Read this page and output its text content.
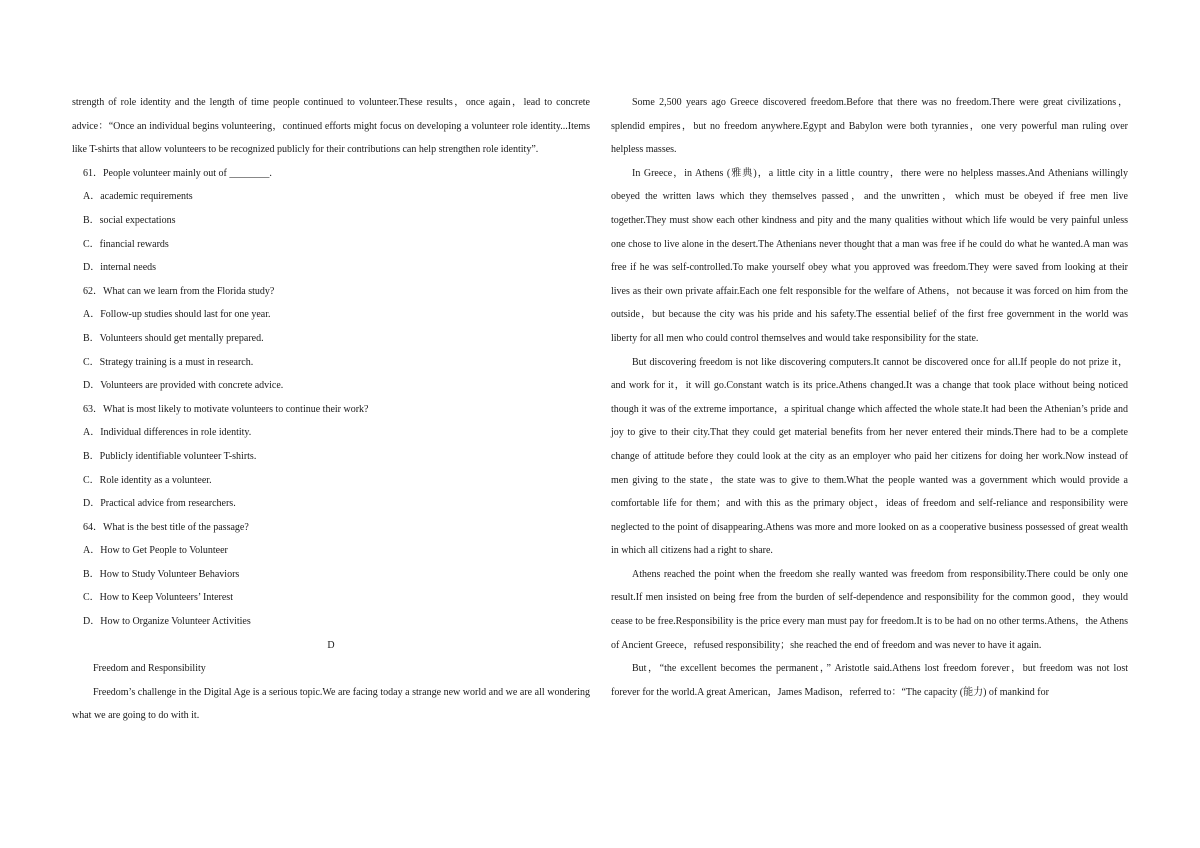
strength of role identity and the length of time people continued to volunteer.These results，once again，lead to concrete advice：“Once an individual begins volunteering，continued efforts might focus on developing a volunteer role identity...Items like T-shirts that allow volunteers to be recognized publicly for their contributions can help strengthen role identity”.

61．People volunteer mainly out of ________.

A．academic requirements

B．social expectations

C．financial rewards

D．internal needs

62．What can we learn from the Florida study?

A．Follow-up studies should last for one year.

B．Volunteers should get mentally prepared.

C．Strategy training is a must in research.

D．Volunteers are provided with concrete advice.

63．What is most likely to motivate volunteers to continue their work?

A．Individual differences in role identity.

B．Publicly identifiable volunteer T-shirts.

C．Role identity as a volunteer.

D．Practical advice from researchers.

64．What is the best title of the passage?

A．How to Get People to Volunteer

B．How to Study Volunteer Behaviors

C．How to Keep Volunteers’ Interest

D．How to Organize Volunteer Activities

D

Freedom and Responsibility

Freedom’s challenge in the Digital Age is a serious topic.We are facing today a strange new world and we are all wondering what we are going to do with it.

Some 2,500 years ago Greece discovered freedom.Before that there was no freedom.There were great civilizations，splendid empires，but no freedom anywhere.Egypt and Babylon were both tyrannies，one very powerful man ruling over helpless masses.

In Greece，in Athens (雅典)，a little city in a little country，there were no helpless masses.And Athenians willingly obeyed the written laws which they themselves passed，and the unwritten，which must be obeyed if free men live together.They must show each other kindness and pity and the many qualities without which life would be very painful unless one chose to live alone in the desert.The Athenians never thought that a man was free if he could do what he wanted.A man was free if he was self-controlled.To make yourself obey what you approved was freedom.They were saved from looking at their lives as their own private affair.Each one felt responsible for the welfare of Athens，not because it was forced on him from the outside，but because the city was his pride and his safety.The essential belief of the first free government in the world was liberty for all men who could control themselves and would take responsibility for the state.

But discovering freedom is not like discovering computers.It cannot be discovered once for all.If people do not prize it，and work for it，it will go.Constant watch is its price.Athens changed.It was a change that took place without being noticed though it was of the extreme importance，a spiritual change which affected the whole state.It had been the Athenian’s pride and joy to give to their city.That they could get material benefits from her never entered their minds.There had to be a complete change of attitude before they could look at the city as an employer who paid her citizens for doing her work.Now instead of men giving to the state，the state was to give to them.What the people wanted was a government which would provide a comfortable life for them；and with this as the primary object，ideas of freedom and self-reliance and responsibility were neglected to the point of disappearing.Athens was more and more looked on as a cooperative business possessed of great wealth in which all citizens had a right to share.

Athens reached the point when the freedom she really wanted was freedom from responsibility.There could be only one result.If men insisted on being free from the burden of self-dependence and responsibility for the common good，they would cease to be free.Responsibility is the price every man must pay for freedom.It is to be had on no other terms.Athens，the Athens of Ancient Greece，refused responsibility；she reached the end of freedom and was never to have it again.

But，“the excellent becomes the permanent，” Aristotle said.Athens lost freedom forever，but freedom was not lost forever for the world.A great American，James Madison，referred to：“The capacity (能力) of mankind for
